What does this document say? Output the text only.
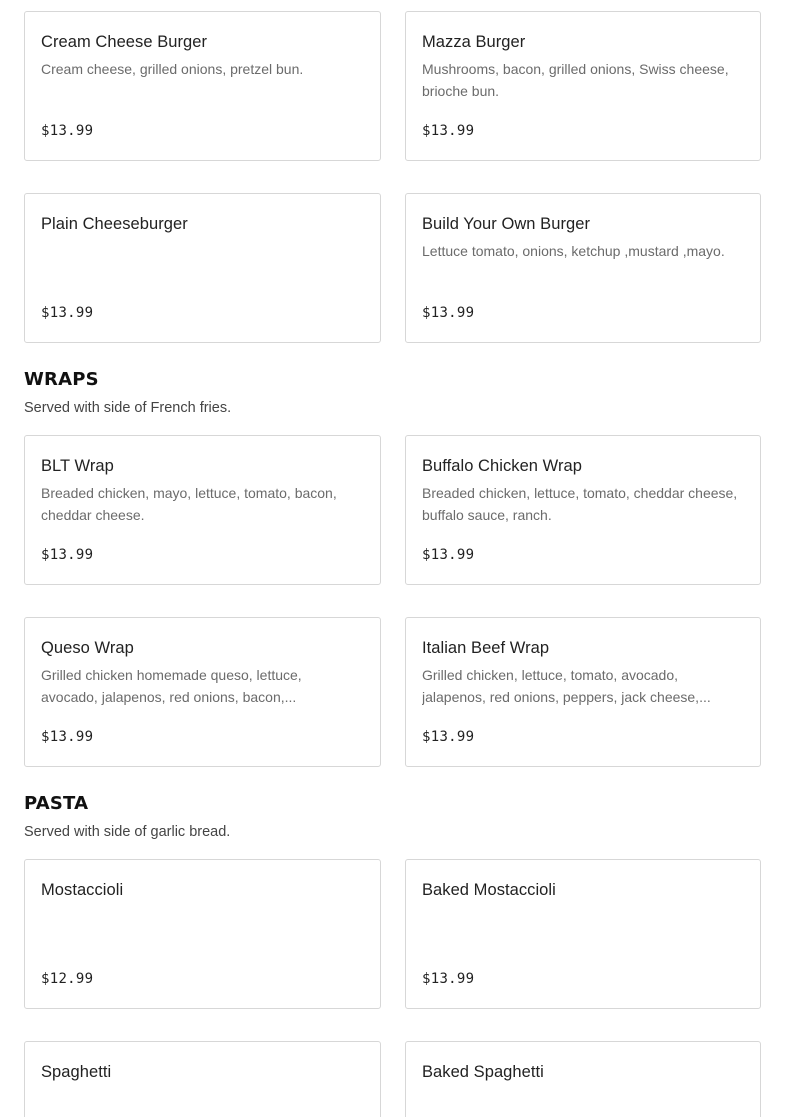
Cream Cheese Burger
Cream cheese, grilled onions, pretzel bun.
$13.99
Mazza Burger
Mushrooms, bacon, grilled onions, Swiss cheese, brioche bun.
$13.99
Plain Cheeseburger
$13.99
Build Your Own Burger
Lettuce tomato, onions, ketchup ,mustard ,mayo.
$13.99
WRAPS
Served with side of French fries.
BLT Wrap
Breaded chicken, mayo, lettuce, tomato, bacon, cheddar cheese.
$13.99
Buffalo Chicken Wrap
Breaded chicken, lettuce, tomato, cheddar cheese, buffalo sauce, ranch.
$13.99
Queso Wrap
Grilled chicken homemade queso, lettuce, avocado, jalapenos, red onions, bacon,...
$13.99
Italian Beef Wrap
Grilled chicken, lettuce, tomato, avocado, jalapenos, red onions, peppers, jack cheese,...
$13.99
PASTA
Served with side of garlic bread.
Mostaccioli
$12.99
Baked Mostaccioli
$13.99
Spaghetti	Baked Spaghetti
